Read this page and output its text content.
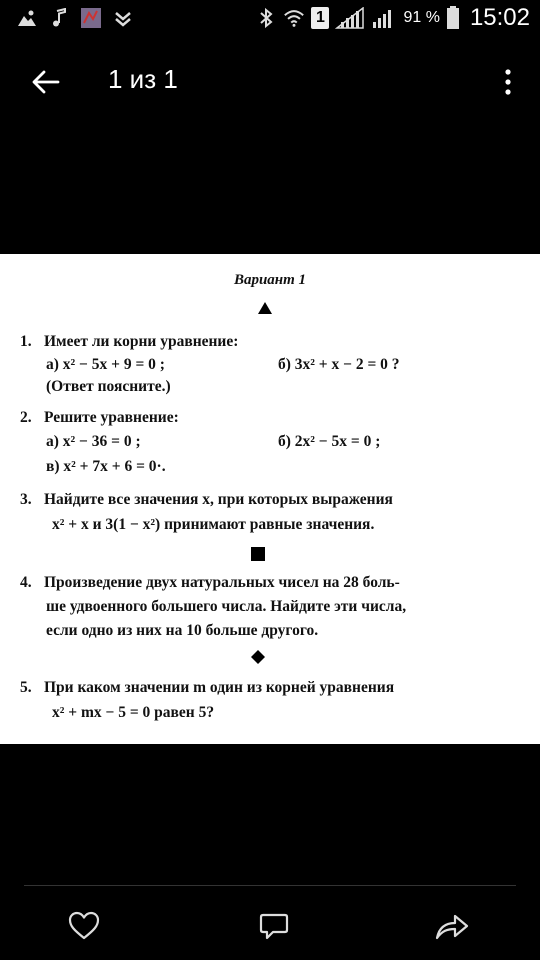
1	91 % 15:02
1 из 1
Вариант 1
1. Имеет ли корни уравнение:
а) x² − 5x + 9 = 0 ;	б) 3x² + x − 2 = 0 ?
(Ответ поясните.)
2. Решите уравнение:
а) x² − 36 = 0 ;	б) 2x² − 5x = 0 ;
в) x² + 7x + 6 = 0·.
3. Найдите все значения x, при которых выражения
x² + x и 3(1 − x²) принимают равные значения.
4. Произведение двух натуральных чисел на 28 боль-
ше удвоенного большего числа. Найдите эти числа,
если одно из них на 10 больше другого.
5. При каком значении m один из корней уравнения
x² + mx − 5 = 0 равен 5?
